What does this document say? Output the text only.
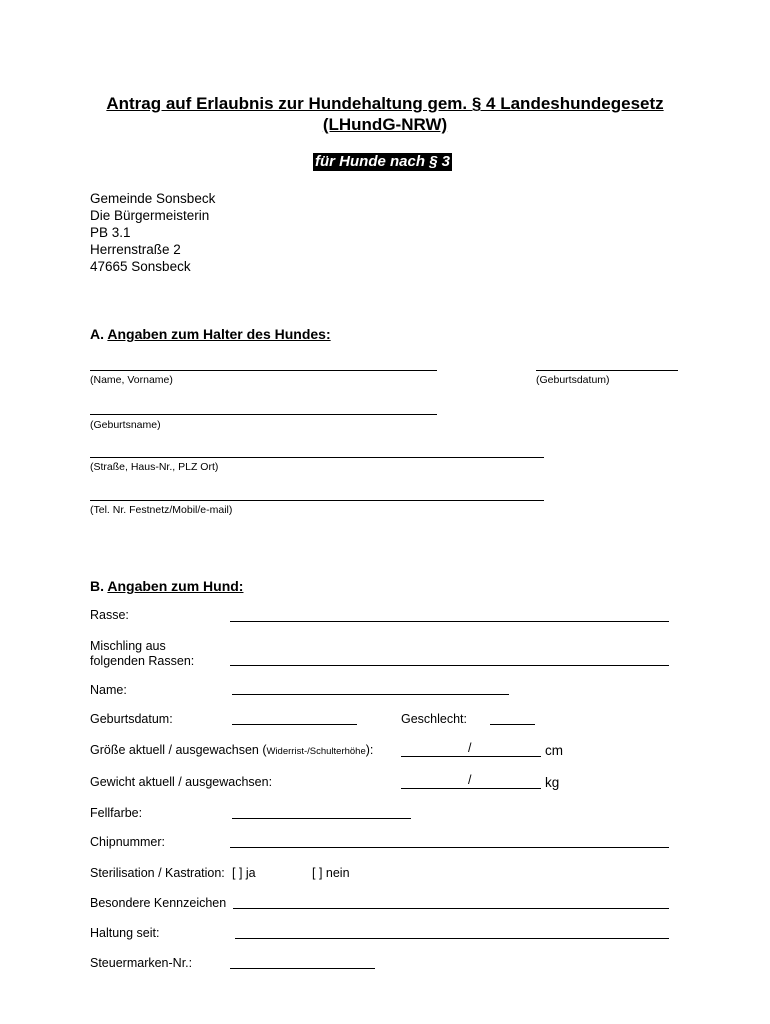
Antrag auf Erlaubnis zur Hundehaltung gem. § 4 Landeshundegesetz
(LHundG-NRW)
für Hunde nach § 3
Gemeinde Sonsbeck
Die Bürgermeisterin
PB 3.1
Herrenstraße 2
47665 Sonsbeck
A. Angaben zum Halter des Hundes:
(Name, Vorname)	(Geburtsdatum)
(Geburtsname)
(Straße, Haus-Nr., PLZ Ort)
(Tel. Nr. Festnetz/Mobil/e-mail)
B. Angaben zum Hund:
Rasse:
Mischling aus
folgenden Rassen:
Name:
Geburtsdatum:	Geschlecht:
Größe aktuell / ausgewachsen (Widerrist-/Schulterhöhe):	/	cm
Gewicht aktuell / ausgewachsen:	/	kg
Fellfarbe:
Chipnummer:
Sterilisation / Kastration: [ ] ja	[ ] nein
Besondere Kennzeichen
Haltung seit:
Steuermarken-Nr.:
